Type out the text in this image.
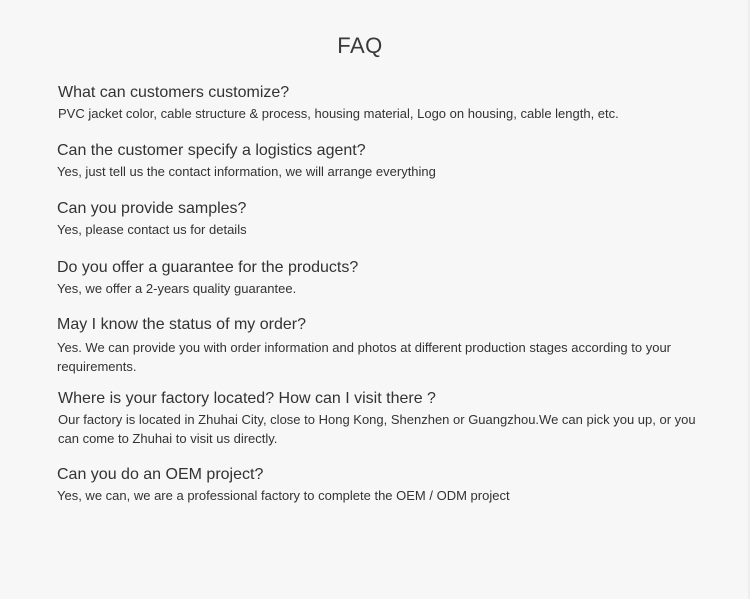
FAQ
What can customers customize?
PVC jacket color, cable structure & process, housing material, Logo on housing, cable length, etc.
Can the customer specify a logistics agent?
Yes, just tell us the contact information, we will arrange everything
Can you provide samples?
Yes, please contact us for details
Do you offer a guarantee for the products?
Yes, we offer a 2-years quality guarantee.
May I know the status of my order?
Yes. We can provide you with order information and photos at different production stages according to your requirements.
Where is your factory located? How can I visit there ?
Our factory is located in Zhuhai City, close to Hong Kong, Shenzhen or Guangzhou.We can pick you up, or you can come to Zhuhai to visit us directly.
Can you do an OEM project?
Yes, we can, we are a professional factory to complete the OEM / ODM project
